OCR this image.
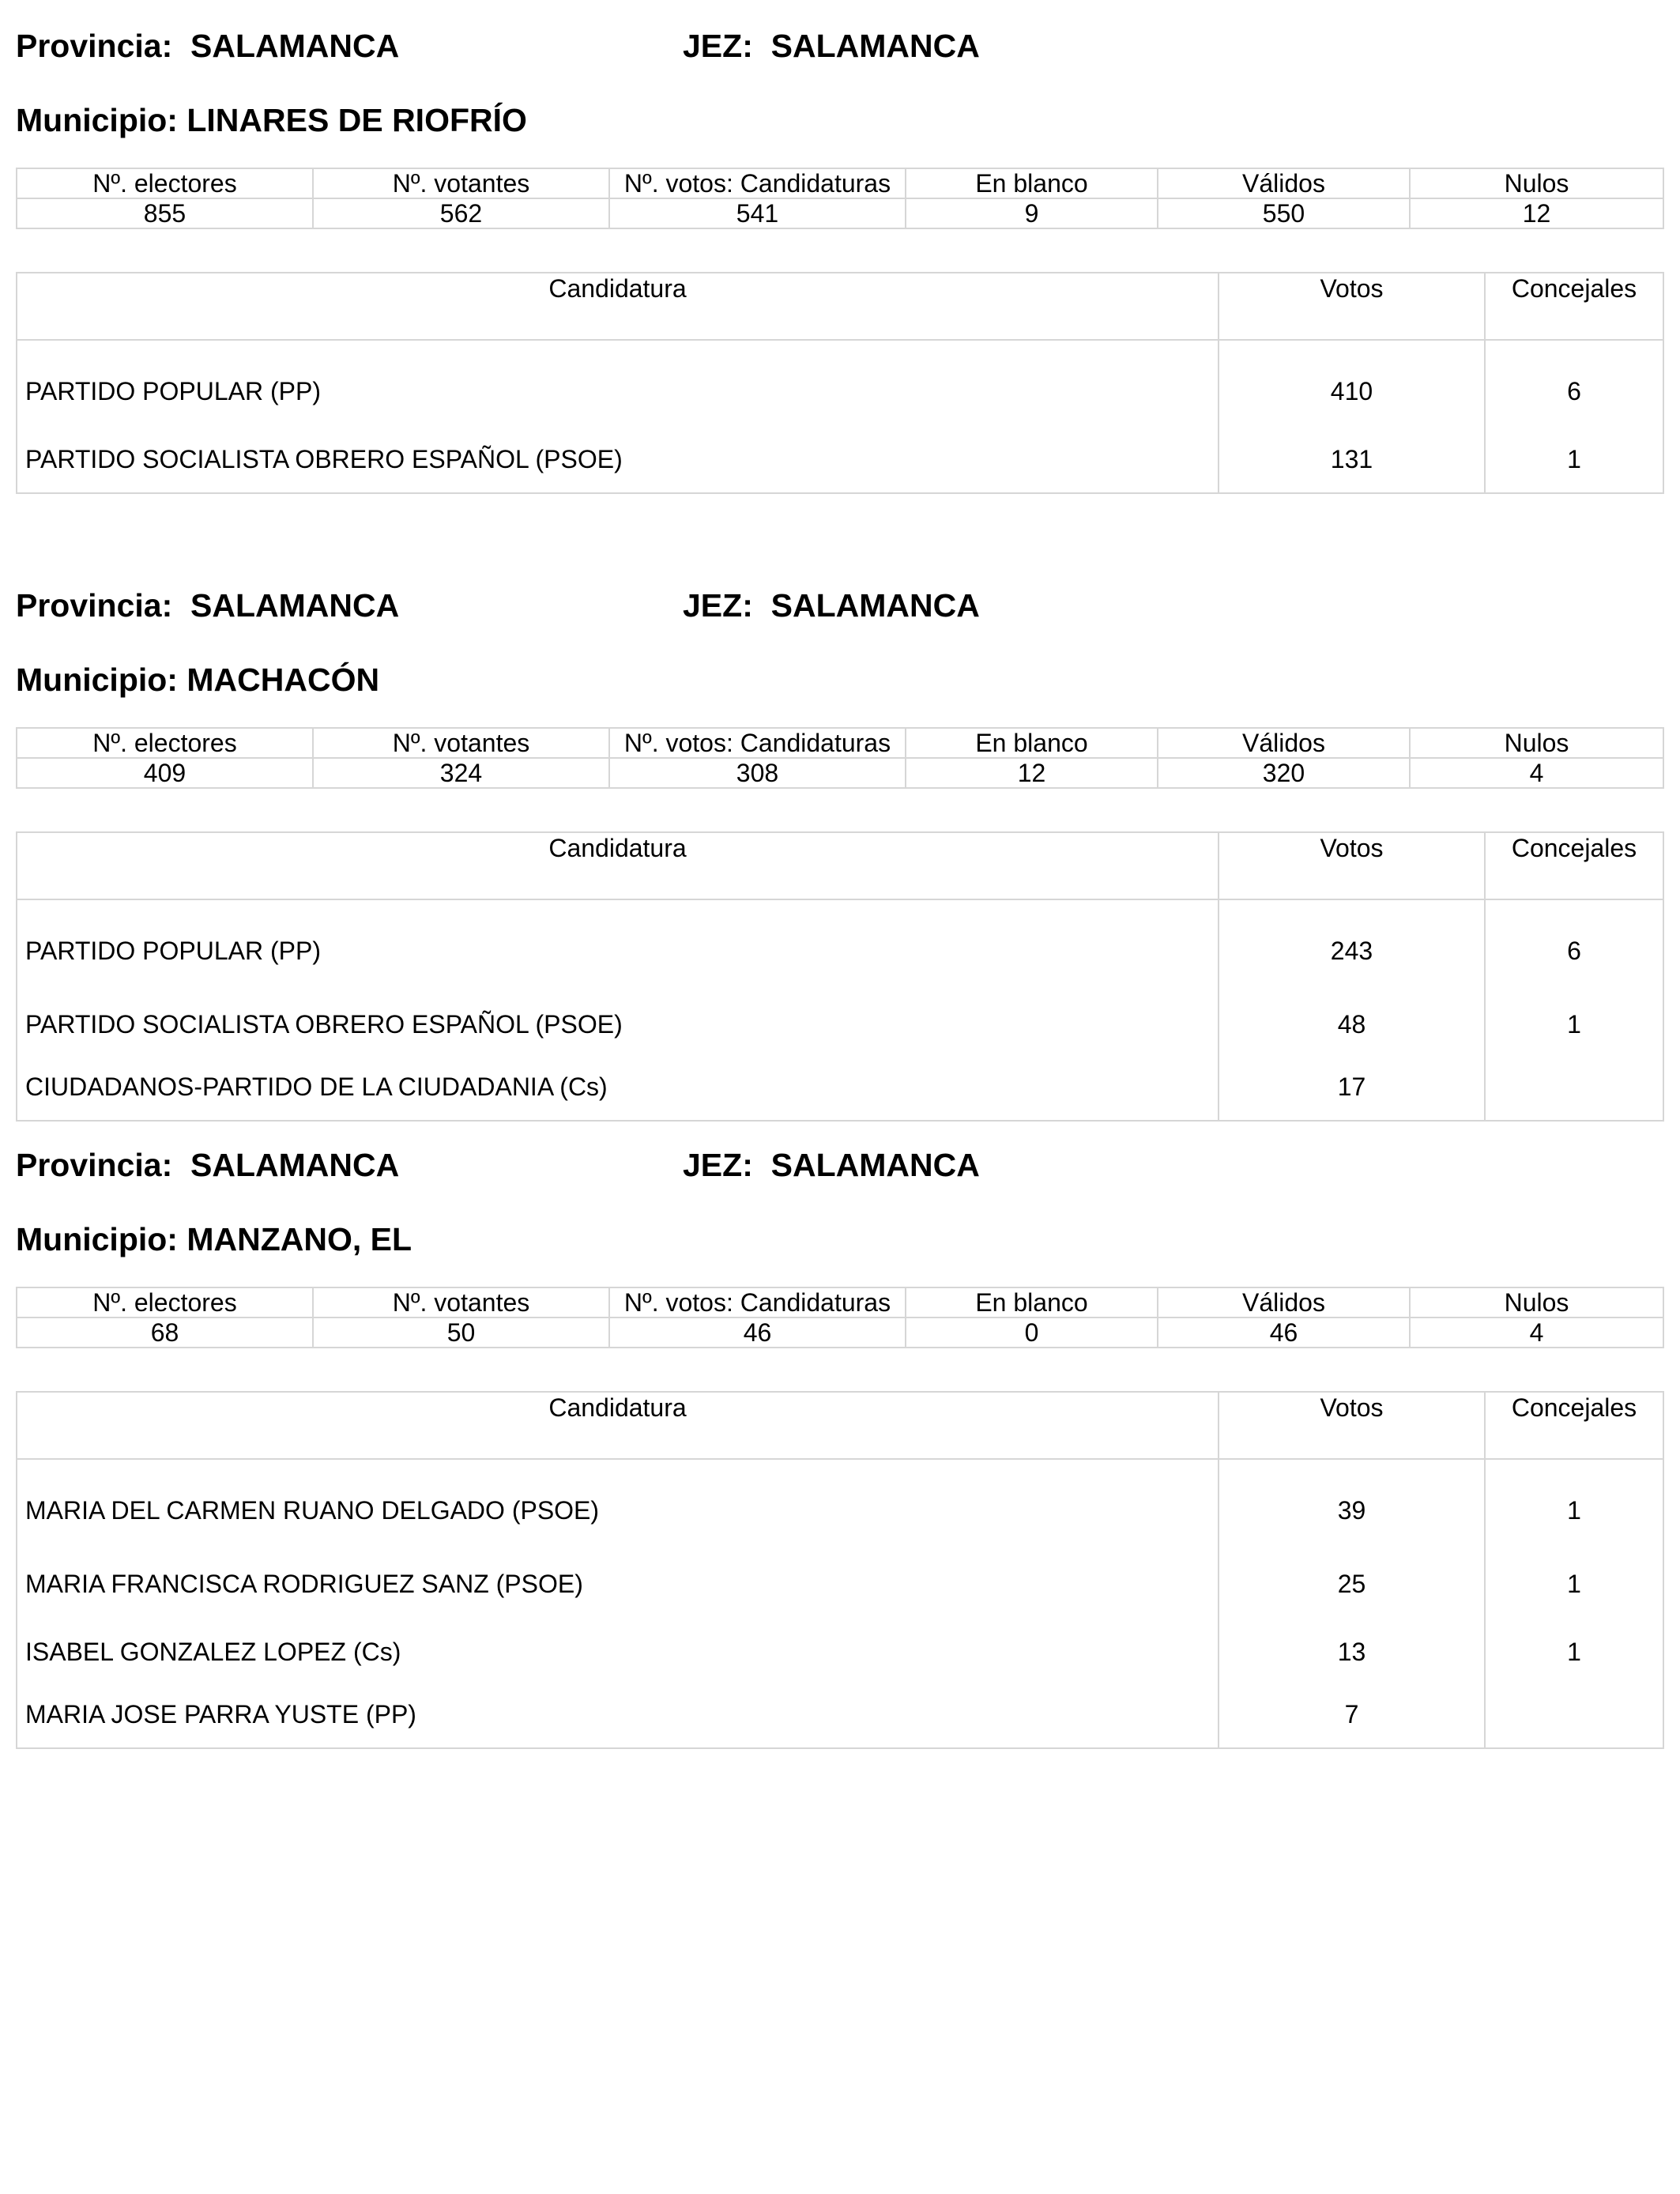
Provincia: SALAMANCA	JEZ: SALAMANCA
Municipio: LINARES DE RIOFRÍO
Nº. electores	Nº. votantes	Nº. votos: Candidaturas	En blanco	Válidos	Nulos
855	562	541	9	550	12
Candidatura	Votos	Concejales
PARTIDO POPULAR (PP)	410	6
PARTIDO SOCIALISTA OBRERO ESPAÑOL (PSOE)	131	1
Provincia: SALAMANCA	JEZ: SALAMANCA
Municipio: MACHACÓN
Nº. electores	Nº. votantes	Nº. votos: Candidaturas	En blanco	Válidos	Nulos
409	324	308	12	320	4
Candidatura	Votos	Concejales
PARTIDO POPULAR (PP)	243	6
PARTIDO SOCIALISTA OBRERO ESPAÑOL (PSOE)	48	1
CIUDADANOS-PARTIDO DE LA CIUDADANIA (Cs)	17	
Provincia: SALAMANCA	JEZ: SALAMANCA
Municipio: MANZANO, EL
Nº. electores	Nº. votantes	Nº. votos: Candidaturas	En blanco	Válidos	Nulos
68	50	46	0	46	4
Candidatura	Votos	Concejales
MARIA DEL CARMEN RUANO DELGADO (PSOE)	39	1
MARIA FRANCISCA RODRIGUEZ SANZ (PSOE)	25	1
ISABEL GONZALEZ LOPEZ (Cs)	13	1
MARIA JOSE PARRA YUSTE (PP)	7	
